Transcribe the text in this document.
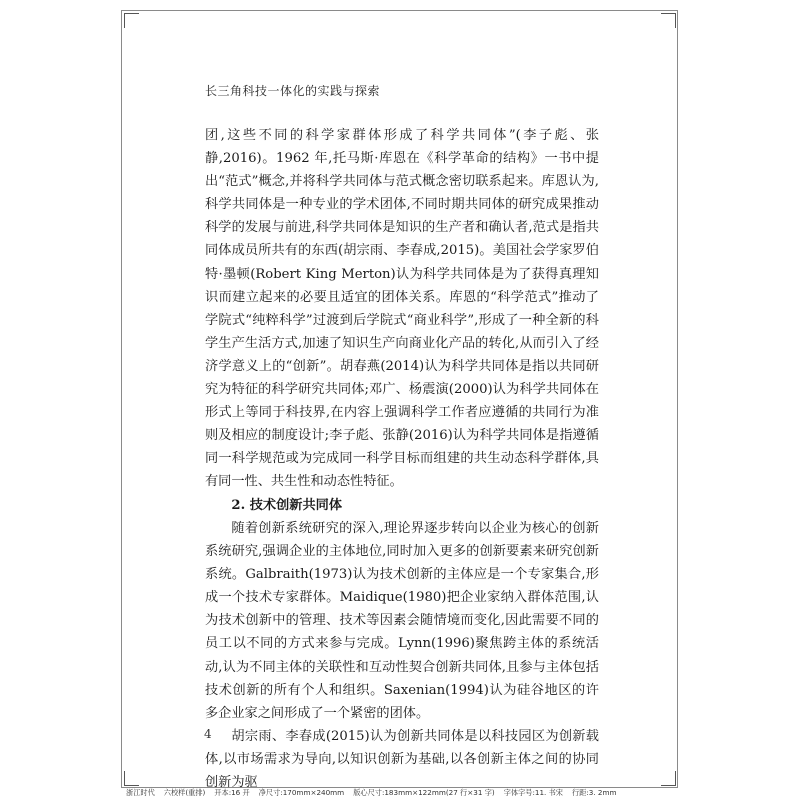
长三角科技一体化的实践与探索

团,这些不同的科学家群体形成了科学共同体”(李子彪、张静,2016)。1962 年,托马斯·库恩在《科学革命的结构》一书中提出“范式”概念,并将科学共同体与范式概念密切联系起来。库恩认为,科学共同体是一种专业的学术团体,不同时期共同体的研究成果推动科学的发展与前进,科学共同体是知识的生产者和确认者,范式是指共同体成员所共有的东西(胡宗雨、李春成,2015)。美国社会学家罗伯特·墨顿(Robert King Merton)认为科学共同体是为了获得真理知识而建立起来的必要且适宜的团体关系。库恩的“科学范式”推动了学院式“纯粹科学”过渡到后学院式“商业科学”,形成了一种全新的科学生产生活方式,加速了知识生产向商业化产品的转化,从而引入了经济学意义上的“创新”。胡春燕(2014)认为科学共同体是指以共同研究为特征的科学研究共同体;邓广、杨震演(2000)认为科学共同体在形式上等同于科技界,在内容上强调科学工作者应遵循的共同行为准则及相应的制度设计;李子彪、张静(2016)认为科学共同体是指遵循同一科学规范或为完成同一科学目标而组建的共生动态科学群体,具有同一性、共生性和动态性特征。

2. 技术创新共同体

随着创新系统研究的深入,理论界逐步转向以企业为核心的创新系统研究,强调企业的主体地位,同时加入更多的创新要素来研究创新系统。Galbraith(1973)认为技术创新的主体应是一个专家集合,形成一个技术专家群体。Maidique(1980)把企业家纳入群体范围,认为技术创新中的管理、技术等因素会随情境而变化,因此需要不同的员工以不同的方式来参与完成。Lynn(1996)聚焦跨主体的系统活动,认为不同主体的关联性和互动性契合创新共同体,且参与主体包括技术创新的所有个人和组织。Saxenian(1994)认为硅谷地区的许多企业家之间形成了一个紧密的团体。

胡宗雨、李春成(2015)认为创新共同体是以科技园区为创新载体,以市场需求为导向,以知识创新为基础,以各创新主体之间的协同创新为驱

4
浙江时代 六校样(重排) 开本:16 开 净尺寸:170mm×240mm 版心尺寸:183mm×122mm(27 行×31 字) 字体字号:11. 书宋 行距:3. 2mm
